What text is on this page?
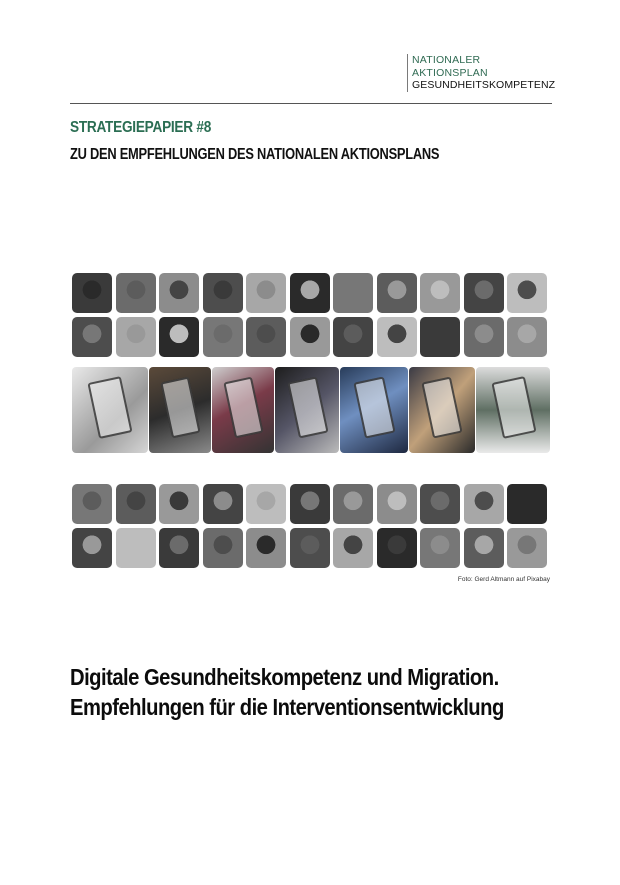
NATIONALER
AKTIONSPLAN
GESUNDHEITSKOMPETENZ
STRATEGIEPAPIER #8
ZU DEN EMPFEHLUNGEN DES NATIONALEN AKTIONSPLANS
Foto: Gerd Altmann auf Pixabay
Digitale Gesundheitskompetenz und Migration.
Empfehlungen für die Interventionsentwicklung
